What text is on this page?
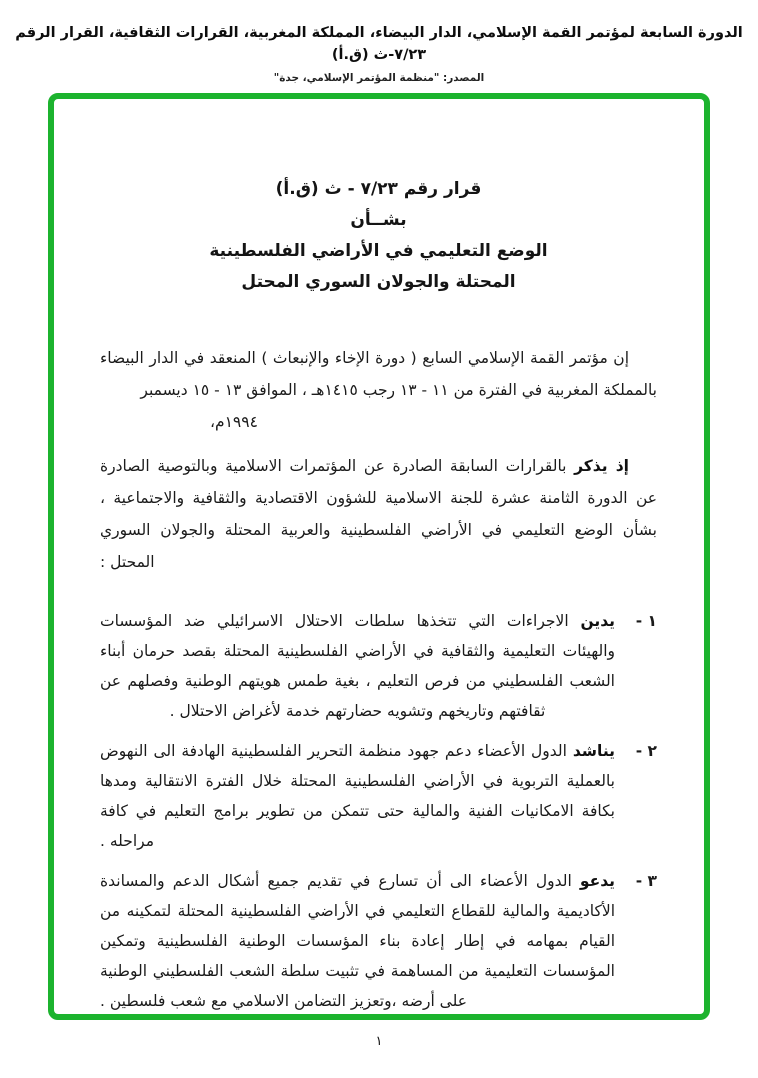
الدورة السابعة لمؤتمر القمة الإسلامي، الدار البيضاء، المملكة المغربية، القرارات الثقافية، القرار الرقم ٧/٢٣-ث (ق.أ)
المصدر: "منظمة المؤتمر الإسلامي، جدة"
قرار رقم ٧/٢٣ - ث (ق.أ)
بشــأن
الوضع التعليمي في الأراضي الفلسطينية
المحتلة والجولان السوري المحتل

إن مؤتمر القمة الإسلامي السابع ( دورة الإخاء والإنبعاث ) المنعقد في الدار البيضاء بالمملكة المغربية في الفترة من ١١ - ١٣ رجب ١٤١٥هـ ، الموافق ١٣ - ١٥ ديسمبر

١٩٩٤م،

إذ يذكر بالقرارات السابقة الصادرة عن المؤتمرات الاسلامية وبالتوصية الصادرة عن الدورة الثامنة عشرة للجنة الاسلامية للشؤون الاقتصادية والثقافية والاجتماعية ، بشأن الوضع التعليمي في الأراضي الفلسطينية والعربية المحتلة والجولان السوري المحتل :

١ -
يدين الاجراءات التي تتخذها سلطات الاحتلال الاسرائيلي ضد المؤسسات والهيئات التعليمية والثقافية في الأراضي الفلسطينية المحتلة بقصد حرمان أبناء الشعب الفلسطيني من فرص التعليم ، بغية طمس هويتهم الوطنية وفصلهم عن ثقافتهم وتاريخهم وتشويه حضارتهم خدمة لأغراض الاحتلال .
٢ -
يناشد الدول الأعضاء دعم جهود منظمة التحرير الفلسطينية الهادفة الى النهوض بالعملية التربوية في الأراضي الفلسطينية المحتلة خلال الفترة الانتقالية ومدها بكافة الامكانيات الفنية والمالية حتى تتمكن من تطوير برامج التعليم في كافة مراحله .
٣ -
يدعو الدول الأعضاء الى أن تسارع في تقديم جميع أشكال الدعم والمساندة الأكاديمية والمالية للقطاع التعليمي في الأراضي الفلسطينية المحتلة لتمكينه من القيام بمهامه في إطار إعادة بناء المؤسسات الوطنية الفلسطينية وتمكين المؤسسات التعليمية من المساهمة في تثبيت سلطة الشعب الفلسطيني الوطنية على أرضه ،وتعزيز التضامن الاسلامي مع شعب فلسطين .
١
